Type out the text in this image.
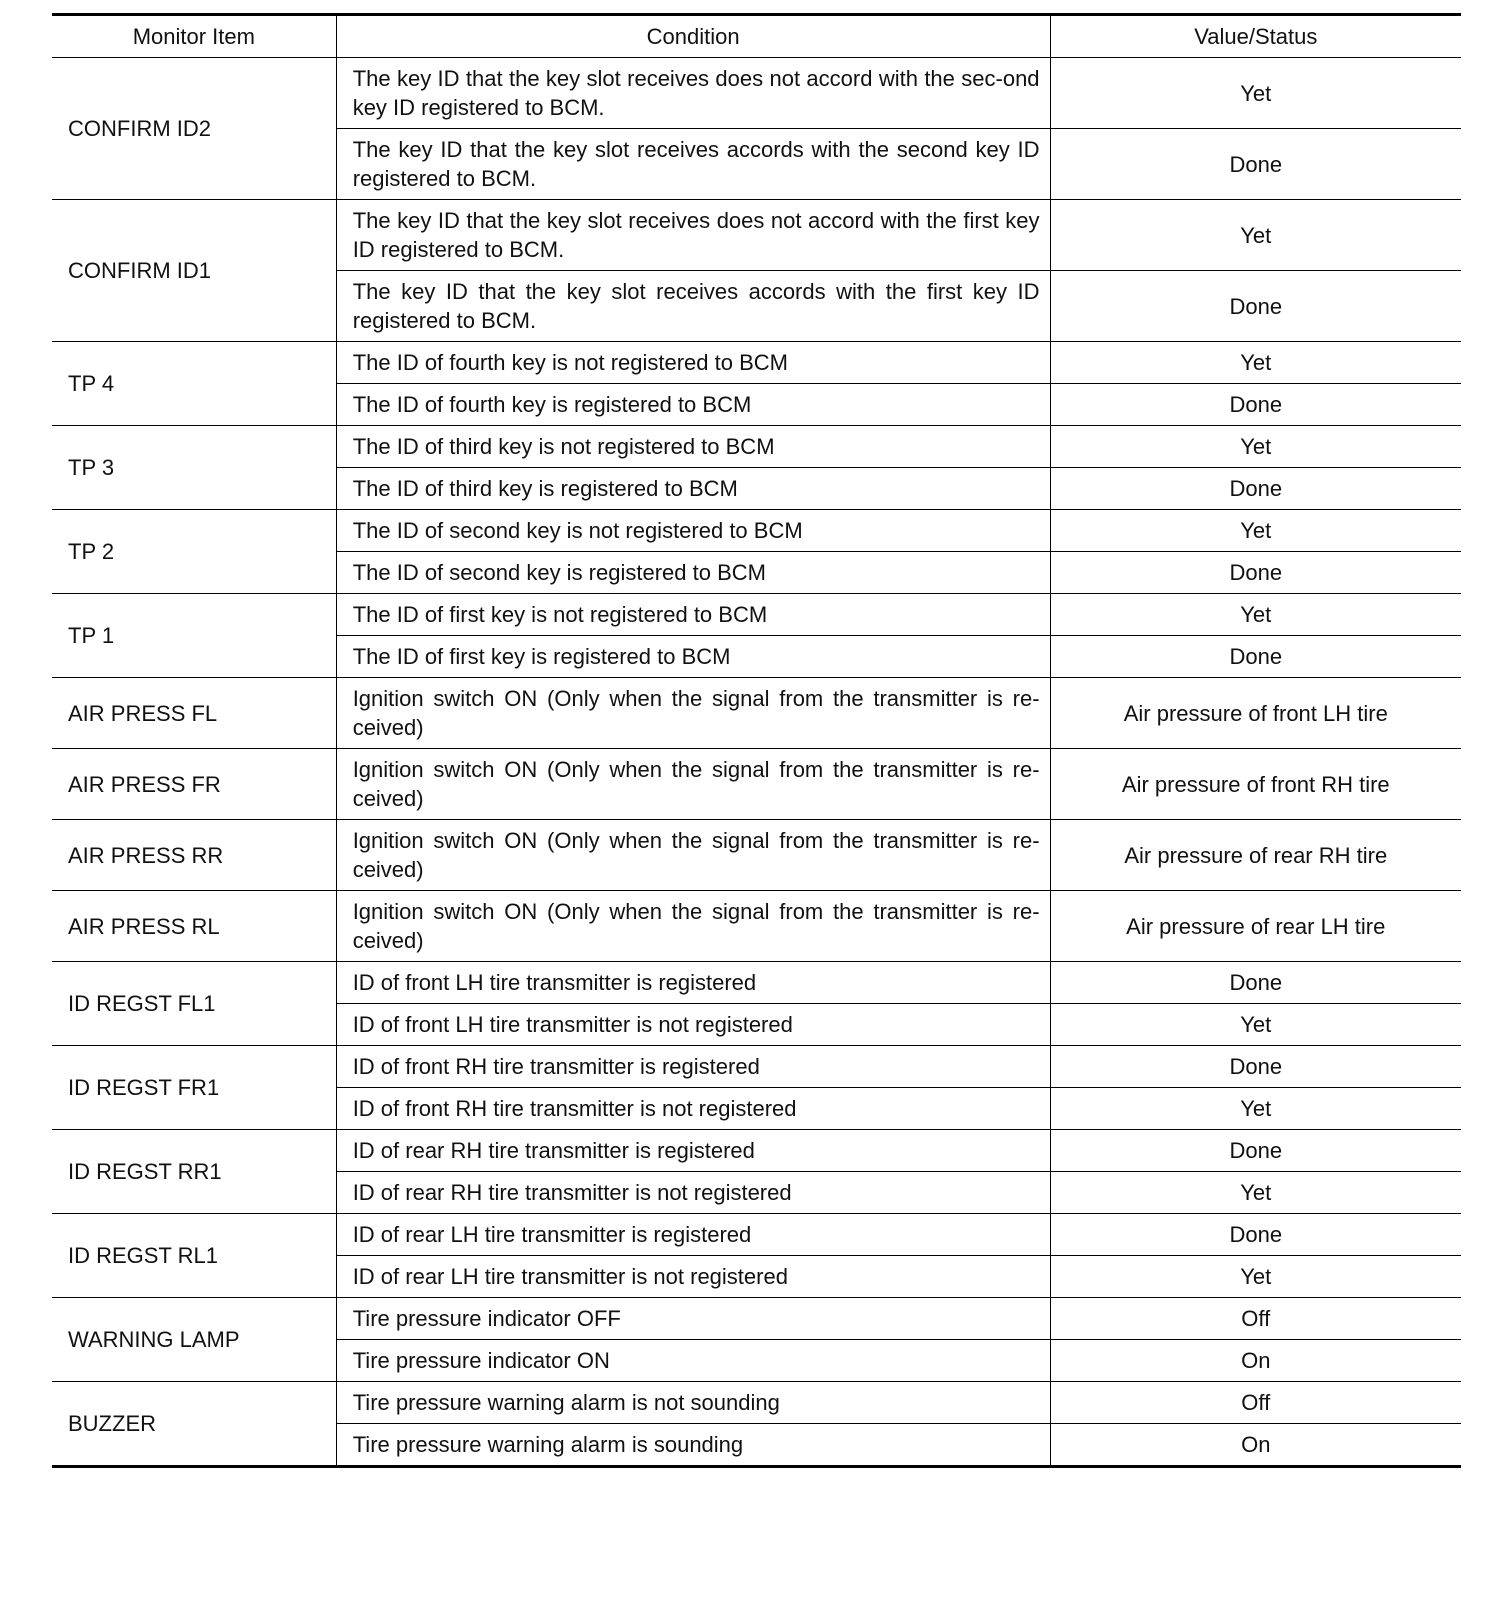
Monitor Item	Condition	Value/Status
CONFIRM ID2	The key ID that the key slot receives does not accord with the sec-ond key ID registered to BCM.	Yet
	The key ID that the key slot receives accords with the second key ID registered to BCM.	Done
CONFIRM ID1	The key ID that the key slot receives does not accord with the first key ID registered to BCM.	Yet
	The key ID that the key slot receives accords with the first key ID registered to BCM.	Done
TP 4	The ID of fourth key is not registered to BCM	Yet
	The ID of fourth key is registered to BCM	Done
TP 3	The ID of third key is not registered to BCM	Yet
	The ID of third key is registered to BCM	Done
TP 2	The ID of second key is not registered to BCM	Yet
	The ID of second key is registered to BCM	Done
TP 1	The ID of first key is not registered to BCM	Yet
	The ID of first key is registered to BCM	Done
AIR PRESS FL	Ignition switch ON (Only when the signal from the transmitter is re-ceived)	Air pressure of front LH tire
AIR PRESS FR	Ignition switch ON (Only when the signal from the transmitter is re-ceived)	Air pressure of front RH tire
AIR PRESS RR	Ignition switch ON (Only when the signal from the transmitter is re-ceived)	Air pressure of rear RH tire
AIR PRESS RL	Ignition switch ON (Only when the signal from the transmitter is re-ceived)	Air pressure of rear LH tire
ID REGST FL1	ID of front LH tire transmitter is registered	Done
	ID of front LH tire transmitter is not registered	Yet
ID REGST FR1	ID of front RH tire transmitter is registered	Done
	ID of front RH tire transmitter is not registered	Yet
ID REGST RR1	ID of rear RH tire transmitter is registered	Done
	ID of rear RH tire transmitter is not registered	Yet
ID REGST RL1	ID of rear LH tire transmitter is registered	Done
	ID of rear LH tire transmitter is not registered	Yet
WARNING LAMP	Tire pressure indicator OFF	Off
	Tire pressure indicator ON	On
BUZZER	Tire pressure warning alarm is not sounding	Off
	Tire pressure warning alarm is sounding	On
